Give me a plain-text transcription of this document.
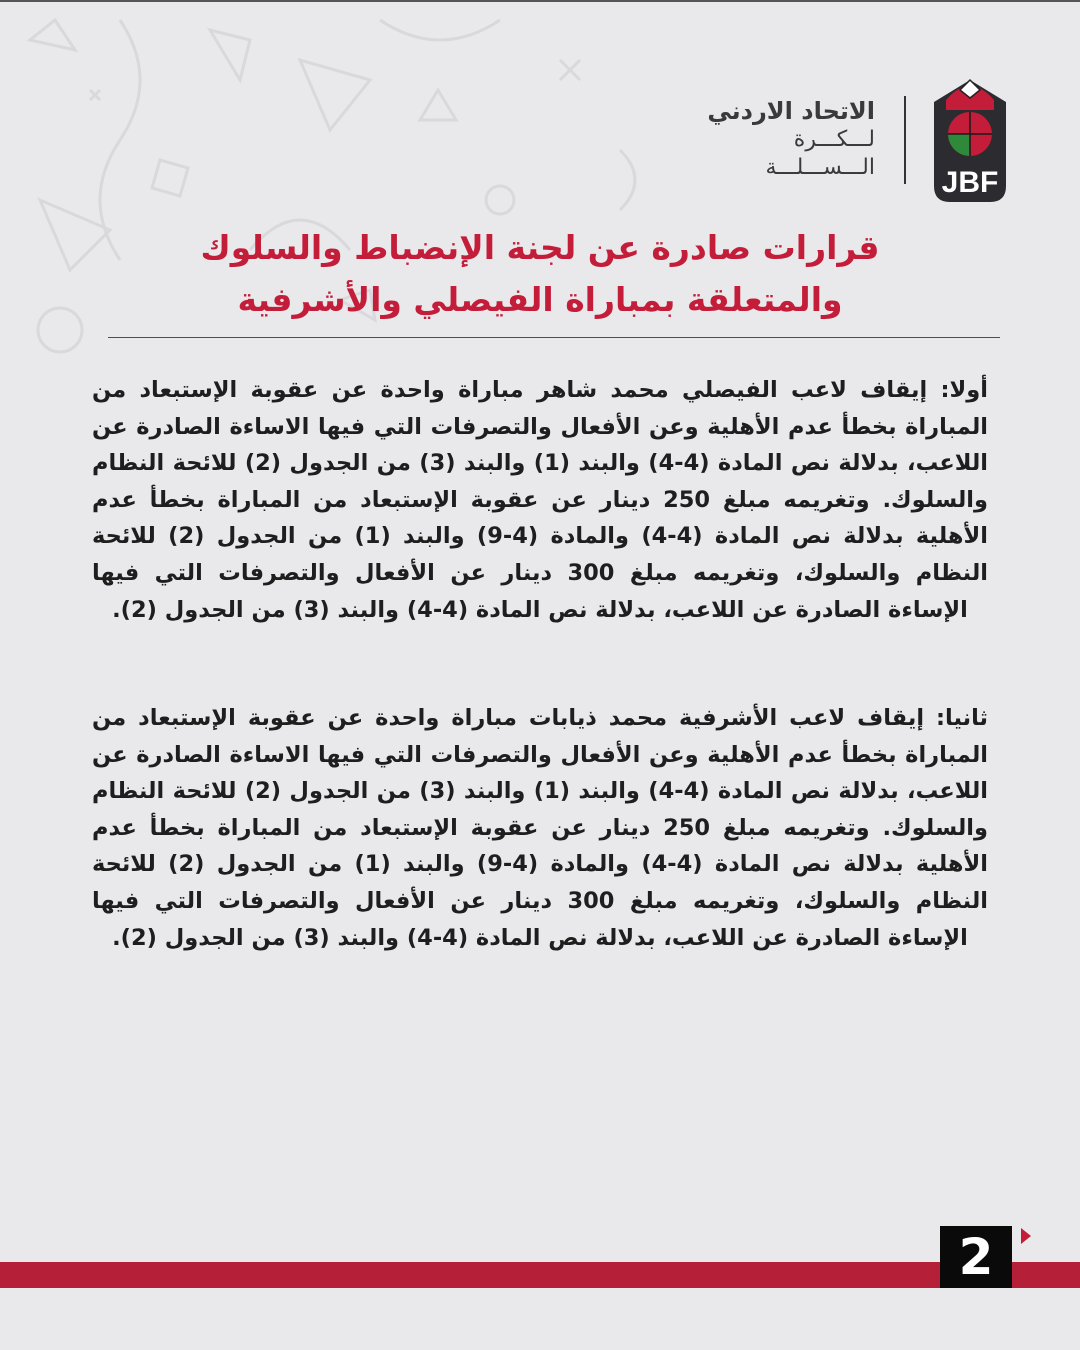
JBF
الاتحاد الاردني
لـــكـــرة
الـــســـلـــة
قرارات صادرة عن لجنة الإنضباط والسلوك
والمتعلقة بمباراة الفيصلي والأشرفية
أولا: إيقاف لاعب الفيصلي محمد شاهر مباراة واحدة عن عقوبة الإستبعاد من المباراة بخطأ عدم الأهلية وعن الأفعال والتصرفات التي فيها الاساءة الصادرة عن اللاعب، بدلالة نص المادة (4-4) والبند (1) والبند (3) من الجدول (2) للائحة النظام والسلوك. وتغريمه مبلغ 250 دينار عن عقوبة الإستبعاد من المباراة بخطأ عدم الأهلية بدلالة نص المادة (4-4) والمادة (4-9) والبند (1) من الجدول (2) للائحة النظام والسلوك، وتغريمه مبلغ 300 دينار عن الأفعال والتصرفات التي فيها الإساءة الصادرة عن اللاعب، بدلالة نص المادة (4-4) والبند (3) من الجدول (2).
ثانيا: إيقاف لاعب الأشرفية محمد ذيابات مباراة واحدة عن عقوبة الإستبعاد من المباراة بخطأ عدم الأهلية وعن الأفعال والتصرفات التي فيها الاساءة الصادرة عن اللاعب، بدلالة نص المادة (4-4) والبند (1) والبند (3) من الجدول (2) للائحة النظام والسلوك. وتغريمه مبلغ 250 دينار عن عقوبة الإستبعاد من المباراة بخطأ عدم الأهلية بدلالة نص المادة (4-4) والمادة (4-9) والبند (1) من الجدول (2) للائحة النظام والسلوك، وتغريمه مبلغ 300 دينار عن الأفعال والتصرفات التي فيها الإساءة الصادرة عن اللاعب، بدلالة نص المادة (4-4) والبند (3) من الجدول (2).
2
